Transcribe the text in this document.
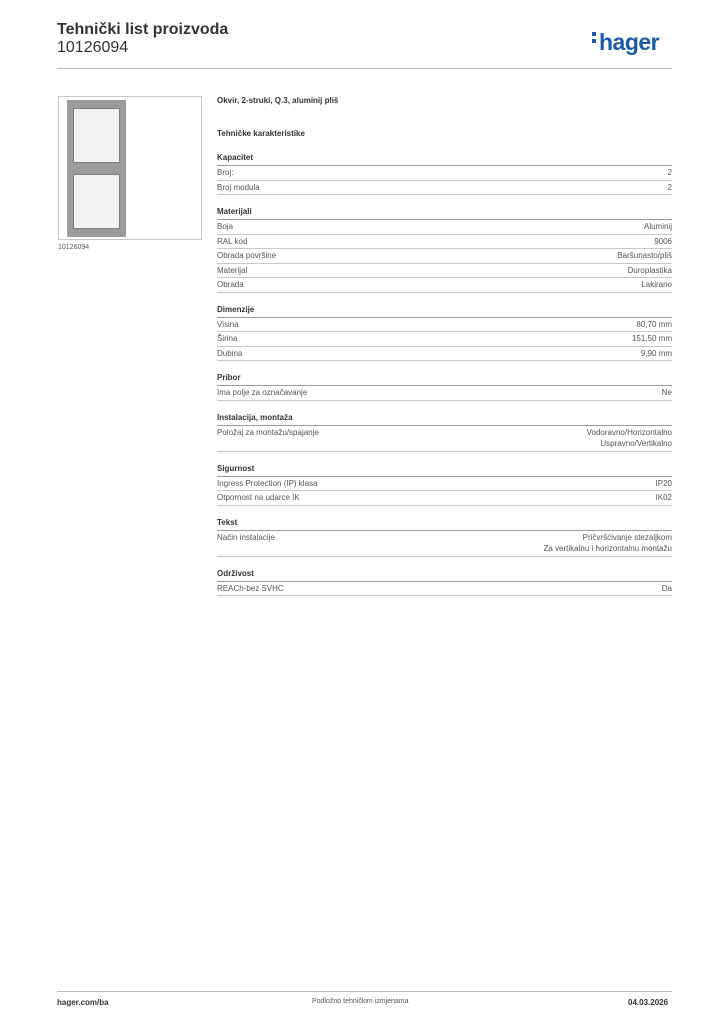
Tehnički list proizvoda
10126094	hager
10126094
Okvir, 2-struki, Q.3, aluminij pliš
Tehničke karakteristike
Kapacitet
Broj:	2
Broj modula	2
Materijali
Boja	Aluminij
RAL kod	9006
Obrada površine	Baršunasto/pliš
Materijal	Duroplastika
Obrada	Lakirano
Dimenzije
Visina	80,70 mm
Širina	151,50 mm
Dubina	9,90 mm
Pribor
Ima polje za označavanje	Ne
Instalacija, montaža
Položaj za montažu/spajanje	Vodoravno/Horizontalno
Uspravno/Vertikalno
Sigurnost
Ingress Protection (IP) klasa	IP20
Otpornost na udarce IK	IK02
Tekst
Način instalacije	Pričvršćivanje stezaljkom
Za vertikalnu i horizontalnu montažu
Održivost
REACh-bez SVHC	Da
hager.com/ba	Podložno tehničkim izmjenama	04.03.2026
